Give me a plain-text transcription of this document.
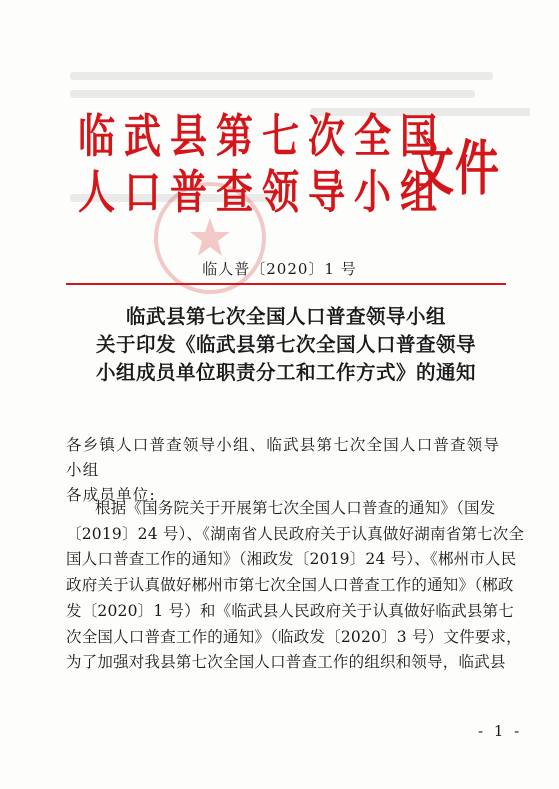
临武县第七次全国
人口普查领导小组
文件
临人普〔2020〕1 号
临武县第七次全国人口普查领导小组
关于印发《临武县第七次全国人口普查领导
小组成员单位职责分工和工作方式》的通知
各乡镇人口普查领导小组、临武县第七次全国人口普查领导小组
各成员单位:
根据《国务院关于开展第七次全国人口普查的通知》（国发
〔2019〕24 号）、《湖南省人民政府关于认真做好湖南省第七次全
国人口普查工作的通知》（湘政发〔2019〕24 号）、《郴州市人民
政府关于认真做好郴州市第七次全国人口普查工作的通知》（郴政
发〔2020〕1 号）和《临武县人民政府关于认真做好临武县第七
次全国人口普查工作的通知》（临政发〔2020〕3 号）文件要求，
为了加强对我县第七次全国人口普查工作的组织和领导，临武县
- 1 -
